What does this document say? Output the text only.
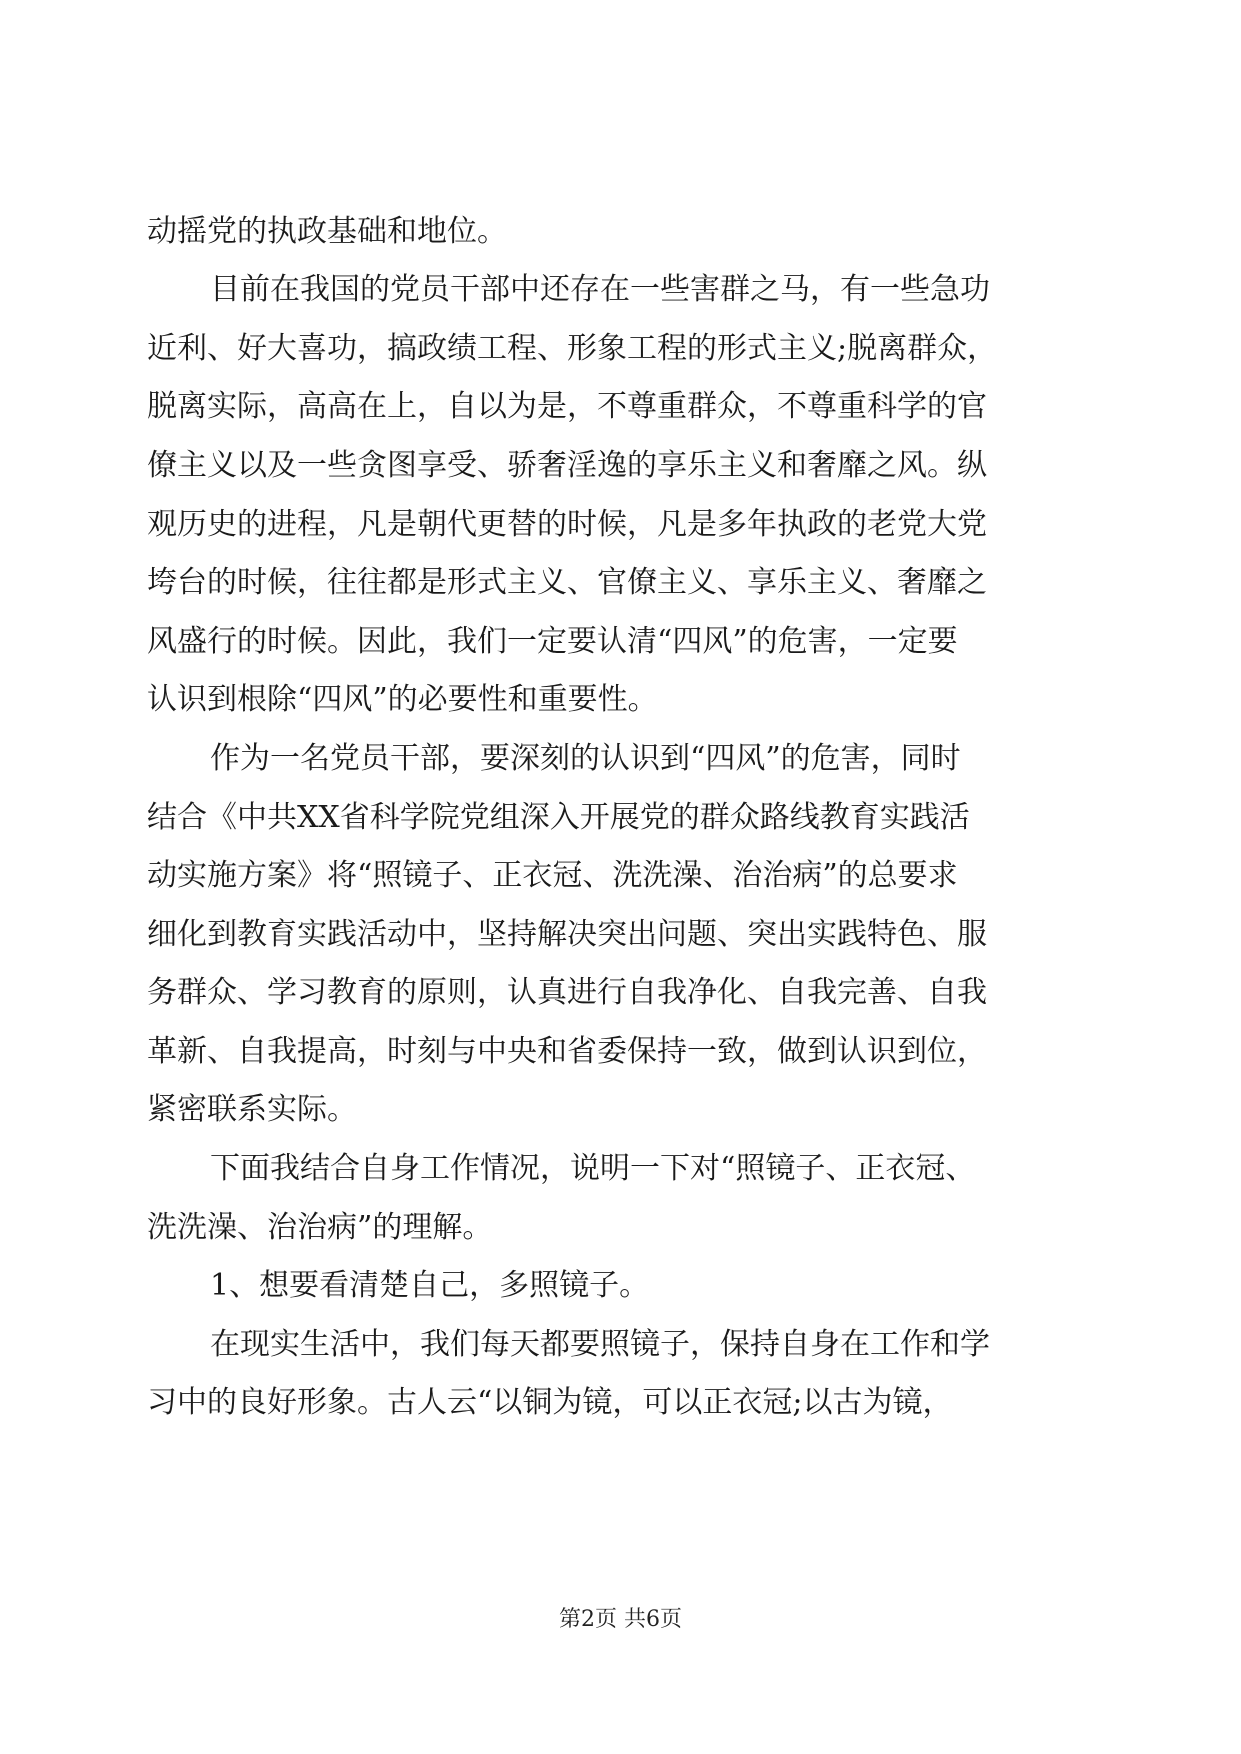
动摇党的执政基础和地位。
目前在我国的党员干部中还存在一些害群之马，有一些急功
近利、好大喜功，搞政绩工程、形象工程的形式主义;脱离群众，
脱离实际，高高在上，自以为是，不尊重群众，不尊重科学的官
僚主义以及一些贪图享受、骄奢淫逸的享乐主义和奢靡之风。纵
观历史的进程，凡是朝代更替的时候，凡是多年执政的老党大党
垮台的时候，往往都是形式主义、官僚主义、享乐主义、奢靡之
风盛行的时候。因此，我们一定要认清“四风”的危害，一定要
认识到根除“四风”的必要性和重要性。
作为一名党员干部，要深刻的认识到“四风”的危害，同时
结合《中共XX省科学院党组深入开展党的群众路线教育实践活
动实施方案》将“照镜子、正衣冠、洗洗澡、治治病”的总要求
细化到教育实践活动中，坚持解决突出问题、突出实践特色、服
务群众、学习教育的原则，认真进行自我净化、自我完善、自我
革新、自我提高，时刻与中央和省委保持一致，做到认识到位，
紧密联系实际。
下面我结合自身工作情况，说明一下对“照镜子、正衣冠、
洗洗澡、治治病”的理解。
1、想要看清楚自己，多照镜子。
在现实生活中，我们每天都要照镜子，保持自身在工作和学
习中的良好形象。古人云“以铜为镜，可以正衣冠;以古为镜，
第2页 共6页
